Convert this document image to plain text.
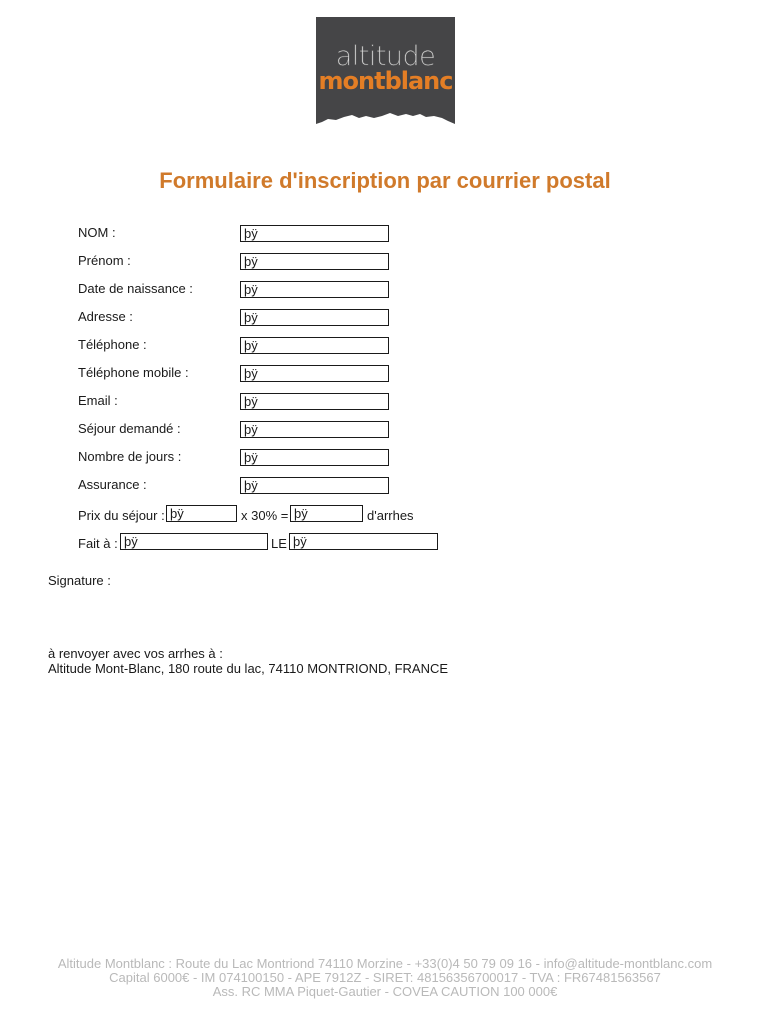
altitude
montblanc
Formulaire d'inscription par courrier postal
NOM :	þÿ
Prénom :	þÿ
Date de naissance :	þÿ
Adresse :	þÿ
Téléphone :	þÿ
Téléphone mobile :	þÿ
Email :	þÿ
Séjour demandé :	þÿ
Nombre de jours :	þÿ
Assurance :	þÿ
Prix du séjour : þÿ	x 30% = þÿ	d'arrhes
Fait à : þÿ	LE þÿ
Signature :
à renvoyer avec vos arrhes à :
Altitude Mont-Blanc, 180 route du lac, 74110 MONTRIOND, FRANCE
Altitude Montblanc : Route du Lac Montriond 74110 Morzine - +33(0)4 50 79 09 16 - info@altitude-montblanc.com
Capital 6000€ - IM 074100150 - APE 7912Z - SIRET: 48156356700017 - TVA : FR67481563567
Ass. RC MMA Piquet-Gautier - COVEA CAUTION 100 000€
